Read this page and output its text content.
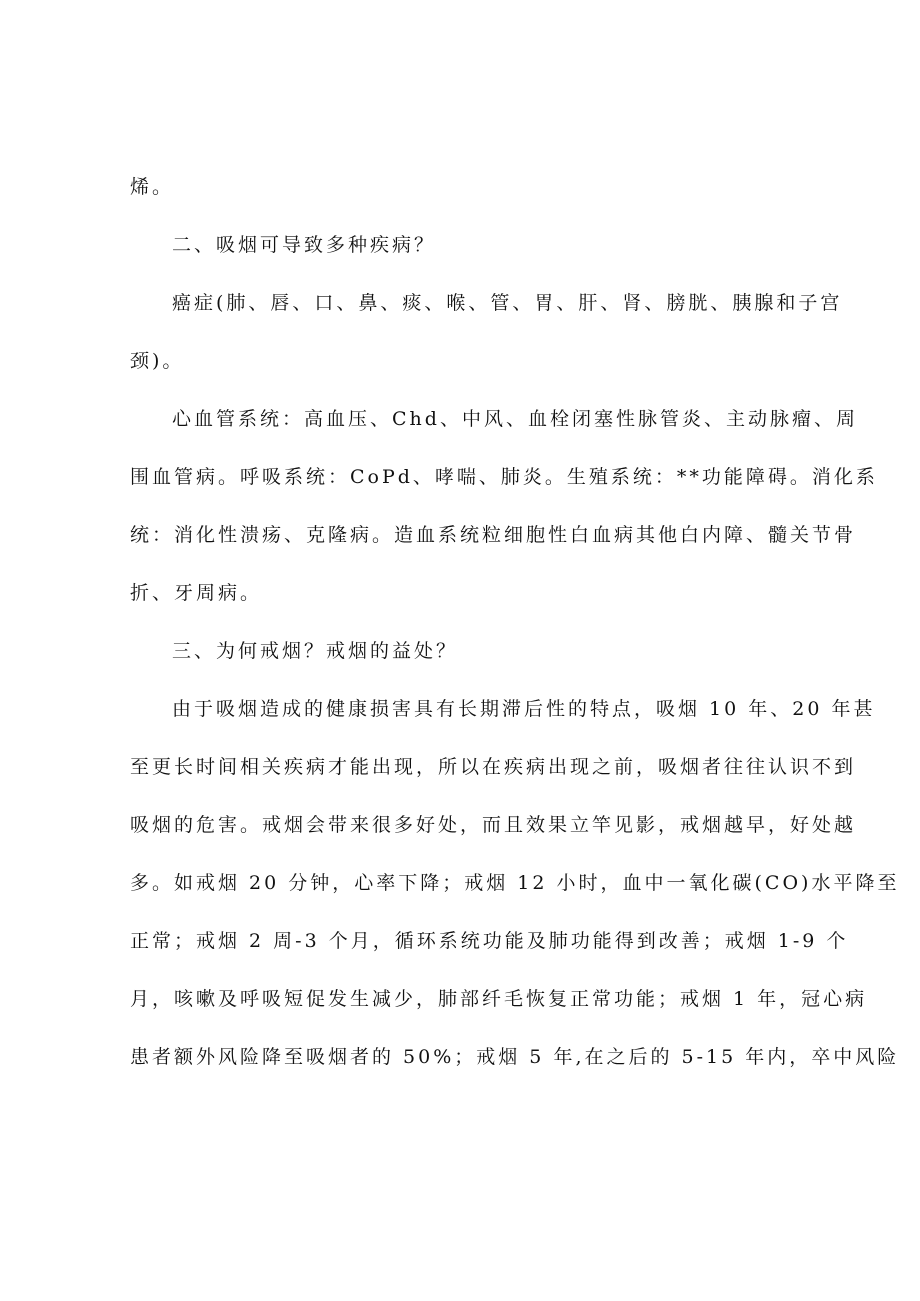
烯。
二、吸烟可导致多种疾病？
癌症(肺、唇、口、鼻、痰、喉、管、胃、肝、肾、膀胱、胰腺和子宫
颈)。
心血管系统：高血压、Chd、中风、血栓闭塞性脉管炎、主动脉瘤、周
围血管病。呼吸系统：CoPd、哮喘、肺炎。生殖系统：**功能障碍。消化系
统：消化性溃疡、克隆病。造血系统粒细胞性白血病其他白内障、髓关节骨
折、牙周病。
三、为何戒烟？戒烟的益处？
由于吸烟造成的健康损害具有长期滞后性的特点，吸烟 10 年、20 年甚
至更长时间相关疾病才能出现，所以在疾病出现之前，吸烟者往往认识不到
吸烟的危害。戒烟会带来很多好处，而且效果立竿见影，戒烟越早，好处越
多。如戒烟 20 分钟，心率下降；戒烟 12 小时，血中一氧化碳(CO)水平降至
正常；戒烟 2 周-3 个月，循环系统功能及肺功能得到改善；戒烟 1-9 个
月，咳嗽及呼吸短促发生减少，肺部纤毛恢复正常功能；戒烟 1 年，冠心病
患者额外风险降至吸烟者的 50%；戒烟 5 年,在之后的 5-15 年内，卒中风险
